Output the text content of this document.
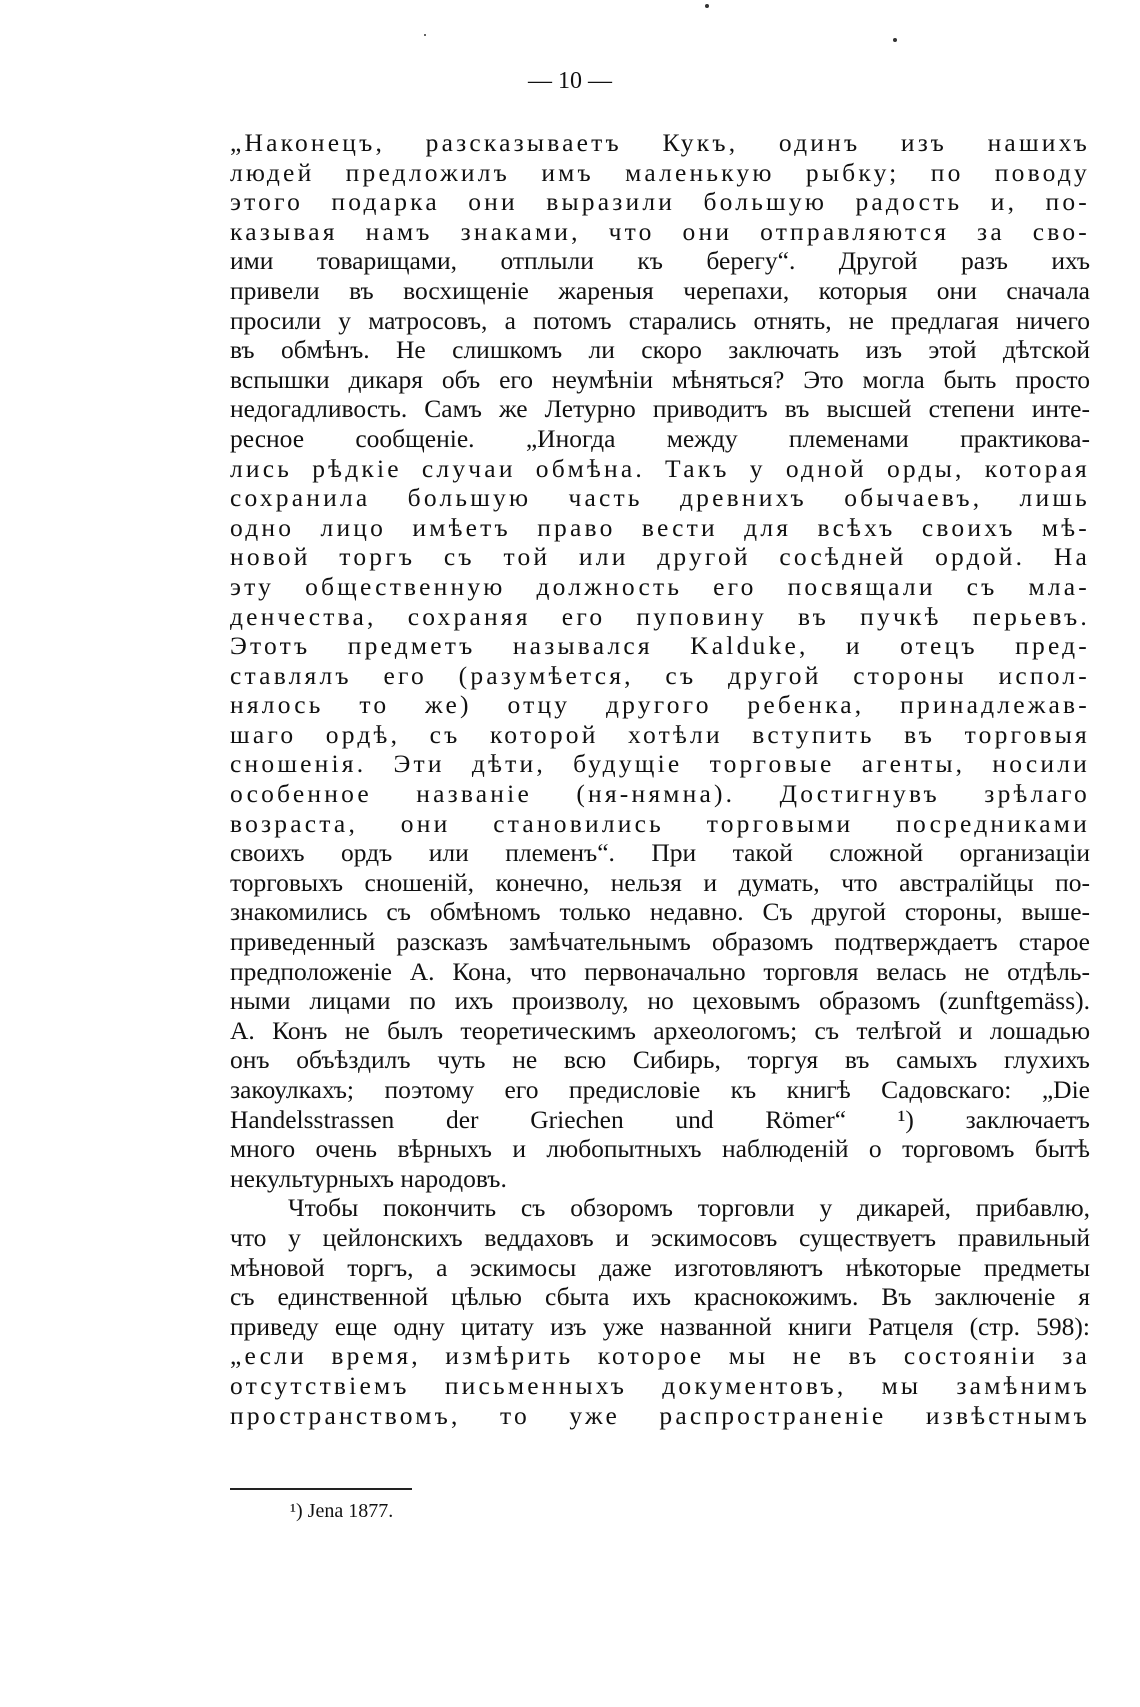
— 10 —
„Наконецъ, разсказываетъ Кукъ, одинъ изъ нашихъ
людей предложилъ имъ маленькую рыбку; по поводу
этого подарка они выразили большую радость и, по-
казывая намъ знаками, что они отправляются за сво-
ими товарищами, отплыли къ берегу“. Другой разъ ихъ
привели въ восхищеніе жареныя черепахи, которыя они сначала
просили у матросовъ, а потомъ старались отнять, не предлагая ничего
въ обмѣнъ. Не слишкомъ ли скоро заключать изъ этой дѣтской
вспышки дикаря объ его неумѣніи мѣняться? Это могла быть просто
недогадливость. Самъ же Летурно приводитъ въ высшей степени инте-
ресное сообщеніе. „Иногда между племенами практикова-
лись рѣдкіе случаи обмѣна. Такъ у одной орды, которая
сохранила большую часть древнихъ обычаевъ, лишь
одно лицо имѣетъ право вести для всѣхъ своихъ мѣ-
новой торгъ съ той или другой сосѣдней ордой. На
эту общественную должность его посвящали съ мла-
денчества, сохраняя его пуповину въ пучкѣ перьевъ.
Этотъ предметъ назывался Kalduke, и отецъ пред-
ставлялъ его (разумѣется, съ другой стороны испол-
нялось то же) отцу другого ребенка, принадлежав-
шаго ордѣ, съ которой хотѣли вступить въ торговыя
сношенія. Эти дѣти, будущіе торговые агенты, носили
особенное названіе (ня-нямна). Достигнувъ зрѣлаго
возраста, они становились торговыми посредниками
своихъ ордъ или племенъ“. При такой сложной организаціи
торговыхъ сношеній, конечно, нельзя и думать, что австралійцы по-
знакомились съ обмѣномъ только недавно. Съ другой стороны, выше-
приведенный разсказъ замѣчательнымъ образомъ подтверждаетъ старое
предположеніе А. Кона, что первоначально торговля велась не отдѣль-
ными лицами по ихъ произволу, но цеховымъ образомъ (zunftgemäss).
А. Конъ не былъ теоретическимъ археологомъ; съ телѣгой и лошадью
онъ объѣздилъ чуть не всю Сибирь, торгуя въ самыхъ глухихъ
закоулкахъ; поэтому его предисловіе къ книгѣ Садовскаго: „Die
Handelsstrassen der Griechen und Römer“ ¹) заключаетъ
много очень вѣрныхъ и любопытныхъ наблюденій о торговомъ бытѣ
некультурныхъ народовъ.
Чтобы покончить съ обзоромъ торговли у дикарей, прибавлю,
что у цейлонскихъ веддаховъ и эскимосовъ существуетъ правильный
мѣновой торгъ, а эскимосы даже изготовляютъ нѣкоторые предметы
съ единственной цѣлью сбыта ихъ краснокожимъ. Въ заключеніе я
приведу еще одну цитату изъ уже названной книги Ратцеля (стр. 598):
„если время, измѣрить которое мы не въ состояніи за
отсутствіемъ письменныхъ документовъ, мы замѣнимъ
пространствомъ, то уже распространеніе извѣстнымъ
¹) Jena 1877.
